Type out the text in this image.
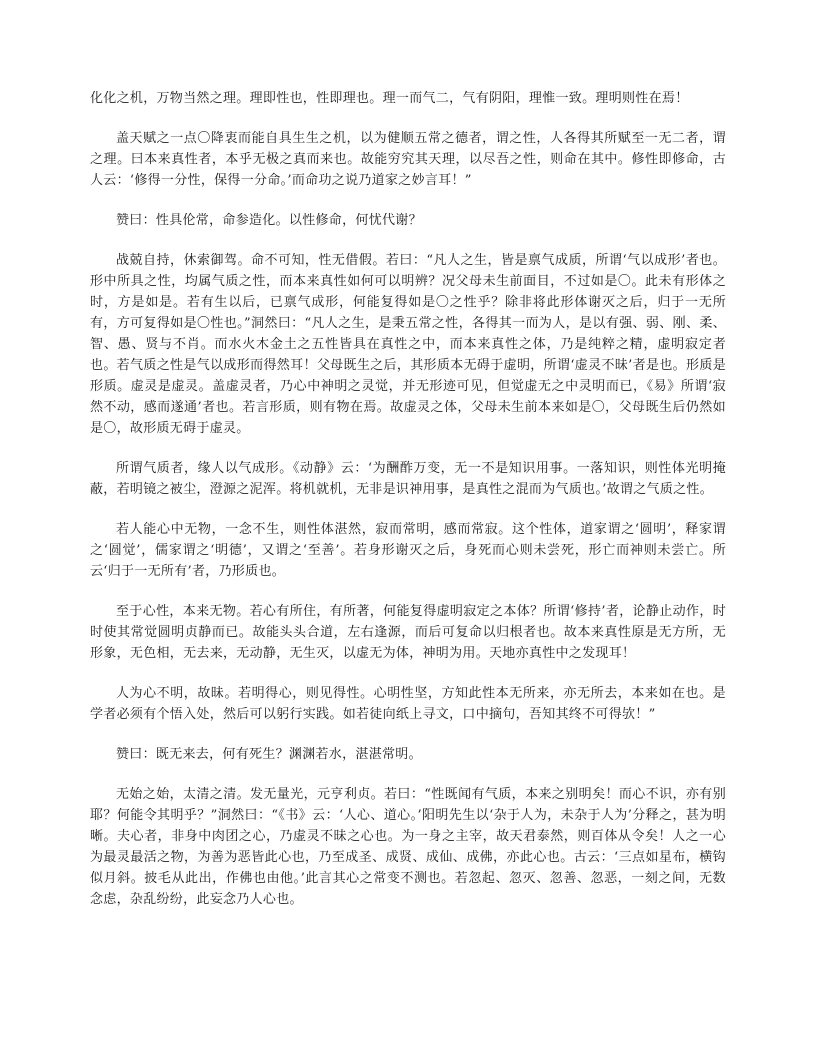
化化之机，万物当然之理。理即性也，性即理也。理一而气二，气有阴阳，理惟一致。理明则性在焉！

盖天赋之一点〇降衷而能自具生生之机，以为健顺五常之德者，谓之性，人各得其所赋至一无二者，谓之理。曰本来真性者，本乎无极之真而来也。故能穷究其天理，以尽吾之性，则命在其中。修性即修命，古人云：‘修得一分性，保得一分命。’而命功之说乃道家之妙言耳！”

赞曰：性具伦常，命参造化。以性修命，何忧代谢？

战兢自持，休索御驾。命不可知，性无借假。若曰：“凡人之生，皆是禀气成质，所谓‘气以成形’者也。形中所具之性，均属气质之性，而本来真性如何可以明辨？况父母未生前面目，不过如是〇。此未有形体之时，方是如是。若有生以后，已禀气成形，何能复得如是〇之性乎？除非将此形体谢灭之后，归于一无所有，方可复得如是〇性也。”洞然曰：“凡人之生，是秉五常之性，各得其一而为人，是以有强、弱、刚、柔、智、愚、贤与不肖。而水火木金土之五性皆具在真性之中，而本来真性之体，乃是纯粹之精，虚明寂定者也。若气质之性是气以成形而得然耳！父母既生之后，其形质本无碍于虚明，所谓‘虚灵不昧’者是也。形质是形质。虚灵是虚灵。盖虚灵者，乃心中神明之灵觉，并无形迹可见，但觉虚无之中灵明而已，《易》所谓‘寂然不动，感而遂通’者也。若言形质，则有物在焉。故虚灵之体，父母未生前本来如是〇，父母既生后仍然如是〇，故形质无碍于虚灵。

所谓气质者，缘人以气成形。《动静》云：‘为酬酢万变，无一不是知识用事。一落知识，则性体光明掩蔽，若明镜之被尘，澄源之泥浑。将机就机，无非是识神用事，是真性之混而为气质也。’故谓之气质之性。

若人能心中无物，一念不生，则性体湛然，寂而常明，感而常寂。这个性体，道家谓之‘圆明’，释家谓之‘圆觉’，儒家谓之‘明德’，又谓之‘至善’。若身形谢灭之后，身死而心则未尝死，形亡而神则未尝亡。所云‘归于一无所有’者，乃形质也。

至于心性，本来无物。若心有所住，有所著，何能复得虚明寂定之本体？所谓‘修持’者，论静止动作，时时使其常觉圆明贞静而已。故能头头合道，左右逢源，而后可复命以归根者也。故本来真性原是无方所，无形象，无色相，无去来，无动静，无生灭，以虚无为体，神明为用。天地亦真性中之发现耳！

人为心不明，故昧。若明得心，则见得性。心明性坚，方知此性本无所来，亦无所去，本来如在也。是学者必须有个悟入处，然后可以躬行实践。如若徒向纸上寻文，口中摘句，吾知其终不可得欤！”

赞曰：既无来去，何有死生？渊渊若水，湛湛常明。

无始之始，太清之清。发无量光，元亨利贞。若曰：“性既闻有气质，本来之别明矣！而心不识，亦有别耶？何能令其明乎？”洞然曰：“《书》云：‘人心、道心。’阳明先生以‘杂于人为，未杂于人为’分释之，甚为明晰。夫心者，非身中肉团之心，乃虚灵不昧之心也。为一身之主宰，故天君泰然，则百体从令矣！人之一心为最灵最活之物，为善为恶皆此心也，乃至成圣、成贤、成仙、成佛，亦此心也。古云：‘三点如星布，横钩似月斜。披毛从此出，作佛也由他。’此言其心之常变不测也。若忽起、忽灭、忽善、忽恶，一刻之间，无数念虑，杂乱纷纷，此妄念乃人心也。
